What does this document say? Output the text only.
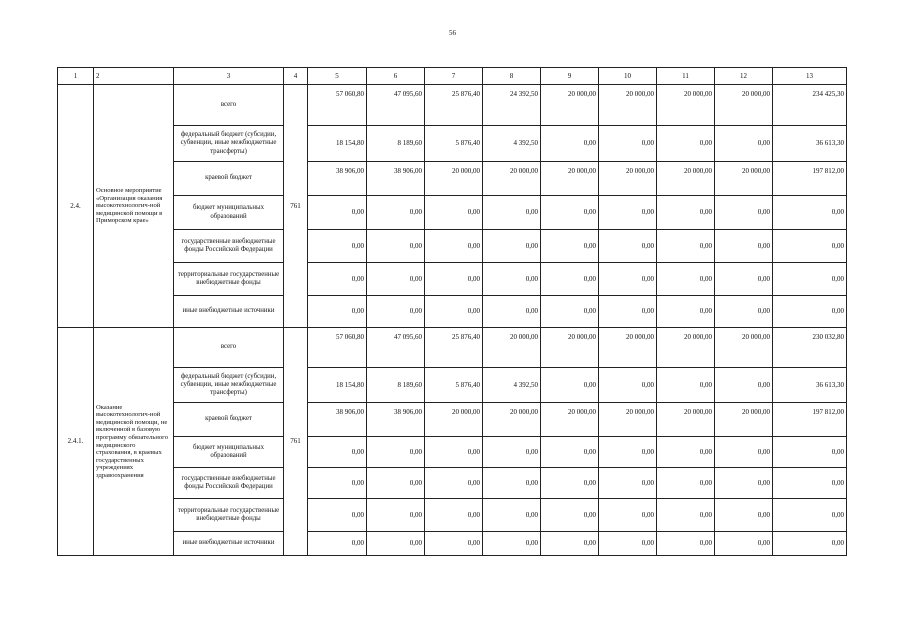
56
1	2	3	4	5	6	7	8	9	10	11	12	13
2.4.	Основное мероприятие «Организация оказания высокотехнологич-ной медицинской помощи в Приморском крае»	всего	761	57 060,80	47 095,60	25 876,40	24 392,50	20 000,00	20 000,00	20 000,00	20 000,00	234 425,30
		федеральный бюджет (субсидии, субвенции, иные межбюджетные трансферты)		18 154,80	8 189,60	5 876,40	4 392,50	0,00	0,00	0,00	0,00	36 613,30
		краевой бюджет		38 906,00	38 906,00	20 000,00	20 000,00	20 000,00	20 000,00	20 000,00	20 000,00	197 812,00
		бюджет муниципальных образований		0,00	0,00	0,00	0,00	0,00	0,00	0,00	0,00	0,00
		государственные внебюджетные фонды Российской Федерации		0,00	0,00	0,00	0,00	0,00	0,00	0,00	0,00	0,00
		территориальные государственные внебюджетные фонды		0,00	0,00	0,00	0,00	0,00	0,00	0,00	0,00	0,00
		иные внебюджетные источники		0,00	0,00	0,00	0,00	0,00	0,00	0,00	0,00	0,00
2.4.1.	Оказание высокотехнологич-ной медицинской помощи, не включенной в базовую программу обязательного медицинского страхования, в краевых государственных учреждениях здравоохранения	всего	761	57 060,80	47 095,60	25 876,40	20 000,00	20 000,00	20 000,00	20 000,00	20 000,00	230 032,80
		федеральный бюджет (субсидии, субвенции, иные межбюджетные трансферты)		18 154,80	8 189,60	5 876,40	4 392,50	0,00	0,00	0,00	0,00	36 613,30
		краевой бюджет		38 906,00	38 906,00	20 000,00	20 000,00	20 000,00	20 000,00	20 000,00	20 000,00	197 812,00
		бюджет муниципальных образований		0,00	0,00	0,00	0,00	0,00	0,00	0,00	0,00	0,00
		государственные внебюджетные фонды Российской Федерации		0,00	0,00	0,00	0,00	0,00	0,00	0,00	0,00	0,00
		территориальные государственные внебюджетные фонды		0,00	0,00	0,00	0,00	0,00	0,00	0,00	0,00	0,00
		иные внебюджетные источники		0,00	0,00	0,00	0,00	0,00	0,00	0,00	0,00	0,00
